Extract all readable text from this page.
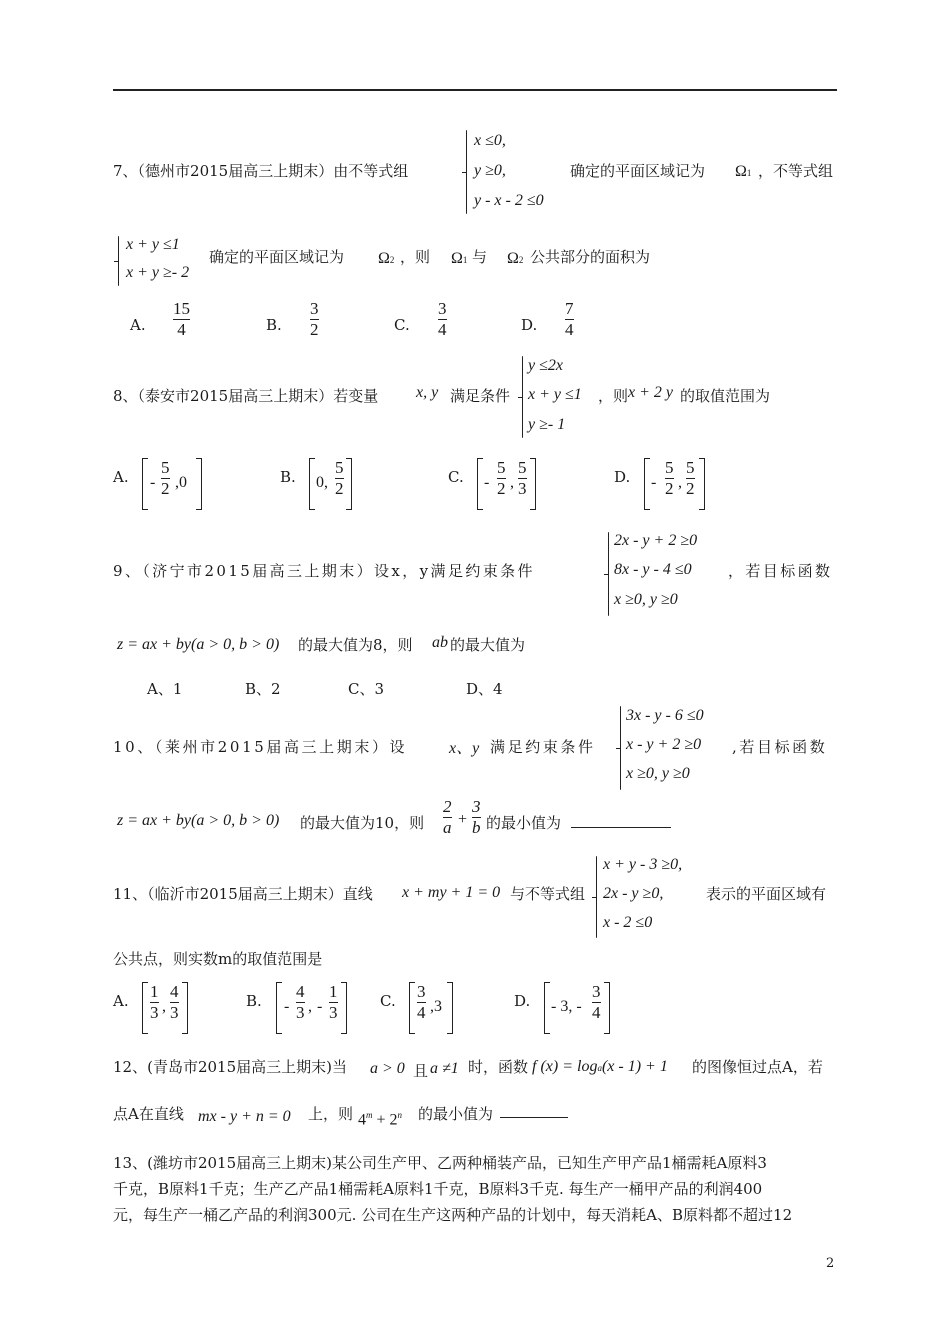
7、（德州市2015届高三上期末）由不等式组
x ≤0,
y ≥0,
y - x - 2 ≤0
确定的平面区域记为 Ω1 ，不等式组
x + y ≤1
x + y ≥- 2
确定的平面区域记为 Ω2 ，则 Ω1 与 Ω2 公共部分的面积为
A.
15
4	B.
3
2	C.
3
4	D.
7
4
8、（泰安市2015届高三上期末）若变量 x, y 满足条件
y ≤2x
x + y ≤1
y ≥- 1
，则 x + 2 y 的取值范围为
A. -
5
2 ,0	B. 0,
5
2
C. -
5
2 ,
5
3
D. -
5
2 ,
5
2
9、（济宁市2015届高三上期末）设x，y满足约束条件
2x - y + 2 ≥0
8x - y - 4 ≤0
x ≥0, y ≥0
，若目标函数
z = ax + by(a > 0, b > 0) 的最大值为8，则 ab 的最大值为
A、1	B、2	C、3	D、4
10、（莱州市2015届高三上期末）设	x、y 满足约束条件
3x - y - 6 ≤0
x - y + 2 ≥0
x ≥0, y ≥0
,若目标函数
z = ax + by(a > 0, b > 0) 的最大值为10，则
2
a +
3
b 的最小值为
11、（临沂市2015届高三上期末）直线 x + my + 1 = 0 与不等式组
x + y - 3 ≥0,
2x - y ≥0,
x - 2 ≤0
表示的平面区域有
公共点，则实数m的取值范围是
A. 1
3 ,
4
3
B. -
4
3 , -
1
3
C. 3
4 ,3	D. - 3, -
3
4
12、(青岛市2015届高三上期末)当 a > 0 且 a ≠1 时，函数 f (x) = loga(x - 1) + 1 的图像恒过点A，若
点A在直线 mx - y + n = 0 上，则 $4^m + 2^n$ 的最小值为
13、(潍坊市2015届高三上期末)某公司生产甲、乙两种桶装产品，已知生产甲产品1桶需耗A原料3
千克，B原料1千克；生产乙产品1桶需耗A原料1千克，B原料3千克. 每生产一桶甲产品的利润400
元，每生产一桶乙产品的利润300元. 公司在生产这两种产品的计划中，每天消耗A、B原料都不超过12
2
